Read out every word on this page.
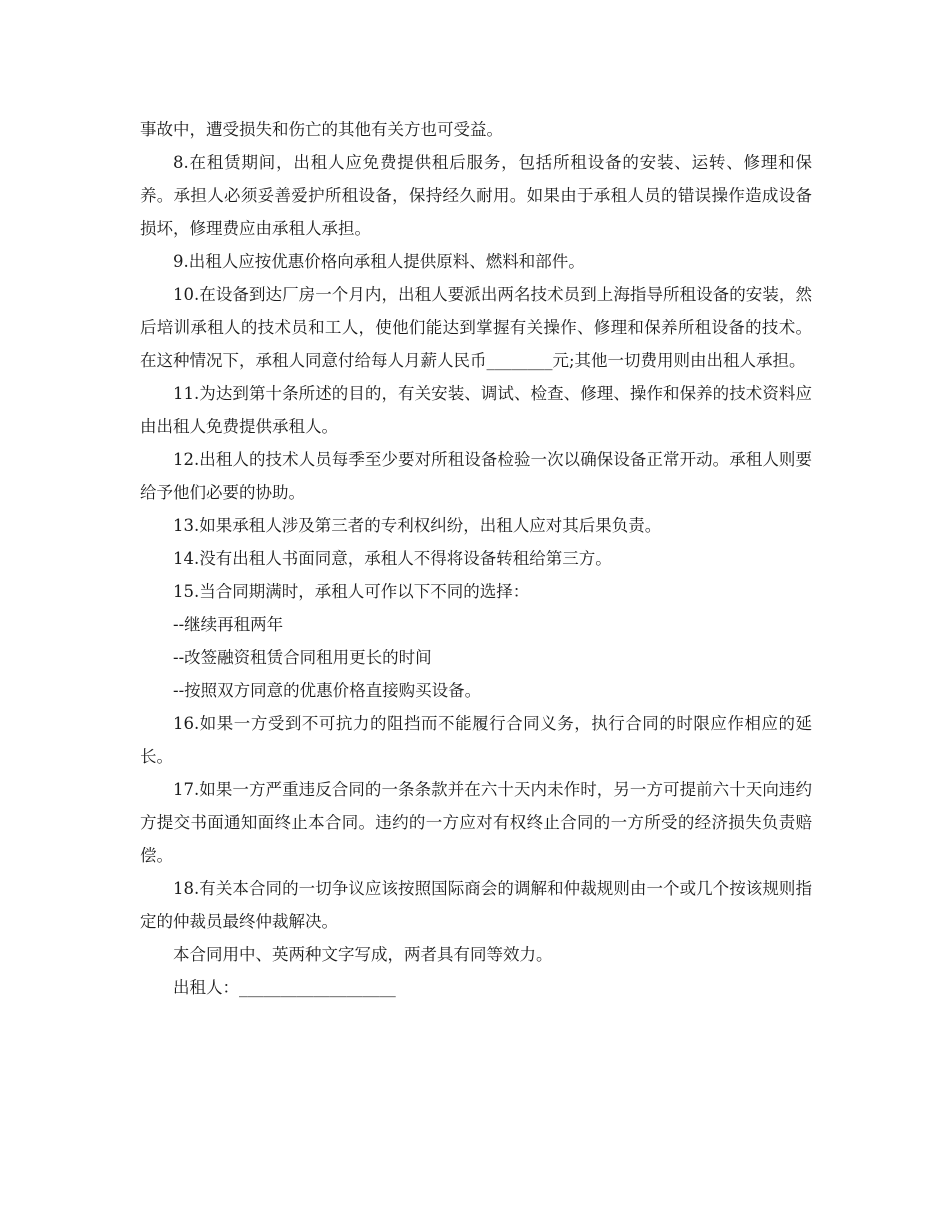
事故中，遭受损失和伤亡的其他有关方也可受益。

8.在租赁期间，出租人应免费提供租后服务，包括所租设备的安装、运转、修理和保养。承担人必须妥善爱护所租设备，保持经久耐用。如果由于承租人员的错误操作造成设备损坏，修理费应由承租人承担。

9.出租人应按优惠价格向承租人提供原料、燃料和部件。

10.在设备到达厂房一个月内，出租人要派出两名技术员到上海指导所租设备的安装，然后培训承租人的技术员和工人，使他们能达到掌握有关操作、修理和保养所租设备的技术。在这种情况下，承租人同意付给每人月薪人民币________元;其他一切费用则由出租人承担。

11.为达到第十条所述的目的，有关安装、调试、检查、修理、操作和保养的技术资料应由出租人免费提供承租人。

12.出租人的技术人员每季至少要对所租设备检验一次以确保设备正常开动。承租人则要给予他们必要的协助。

13.如果承租人涉及第三者的专利权纠纷，出租人应对其后果负责。

14.没有出租人书面同意，承租人不得将设备转租给第三方。

15.当合同期满时，承租人可作以下不同的选择：

--继续再租两年

--改签融资租赁合同租用更长的时间

--按照双方同意的优惠价格直接购买设备。

16.如果一方受到不可抗力的阻挡而不能履行合同义务，执行合同的时限应作相应的延长。

17.如果一方严重违反合同的一条条款并在六十天内未作时，另一方可提前六十天向违约方提交书面通知面终止本合同。违约的一方应对有权终止合同的一方所受的经济损失负责赔偿。

18.有关本合同的一切争议应该按照国际商会的调解和仲裁规则由一个或几个按该规则指定的仲裁员最终仲裁解决。

本合同用中、英两种文字写成，两者具有同等效力。

出租人：___________________
